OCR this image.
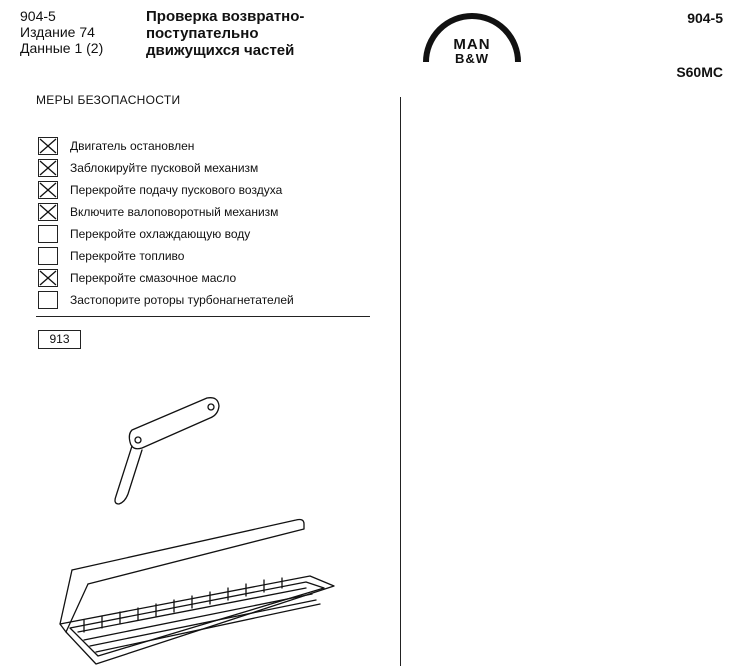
904-5
Издание 74
Данные 1 (2)
Проверка возвратно-
поступательно
движущихся частей	MAN
B&W
904-5
S60MC
МЕРЫ БЕЗОПАСНОСТИ
Двигатель остановлен
Заблокируйте пусковой механизм
Перекройте подачу пускового воздуха
Включите валоповоротный механизм
Перекройте охлаждающую воду
Перекройте топливо
Перекройте смазочное масло
Застопорите роторы турбонагнетателей
913
